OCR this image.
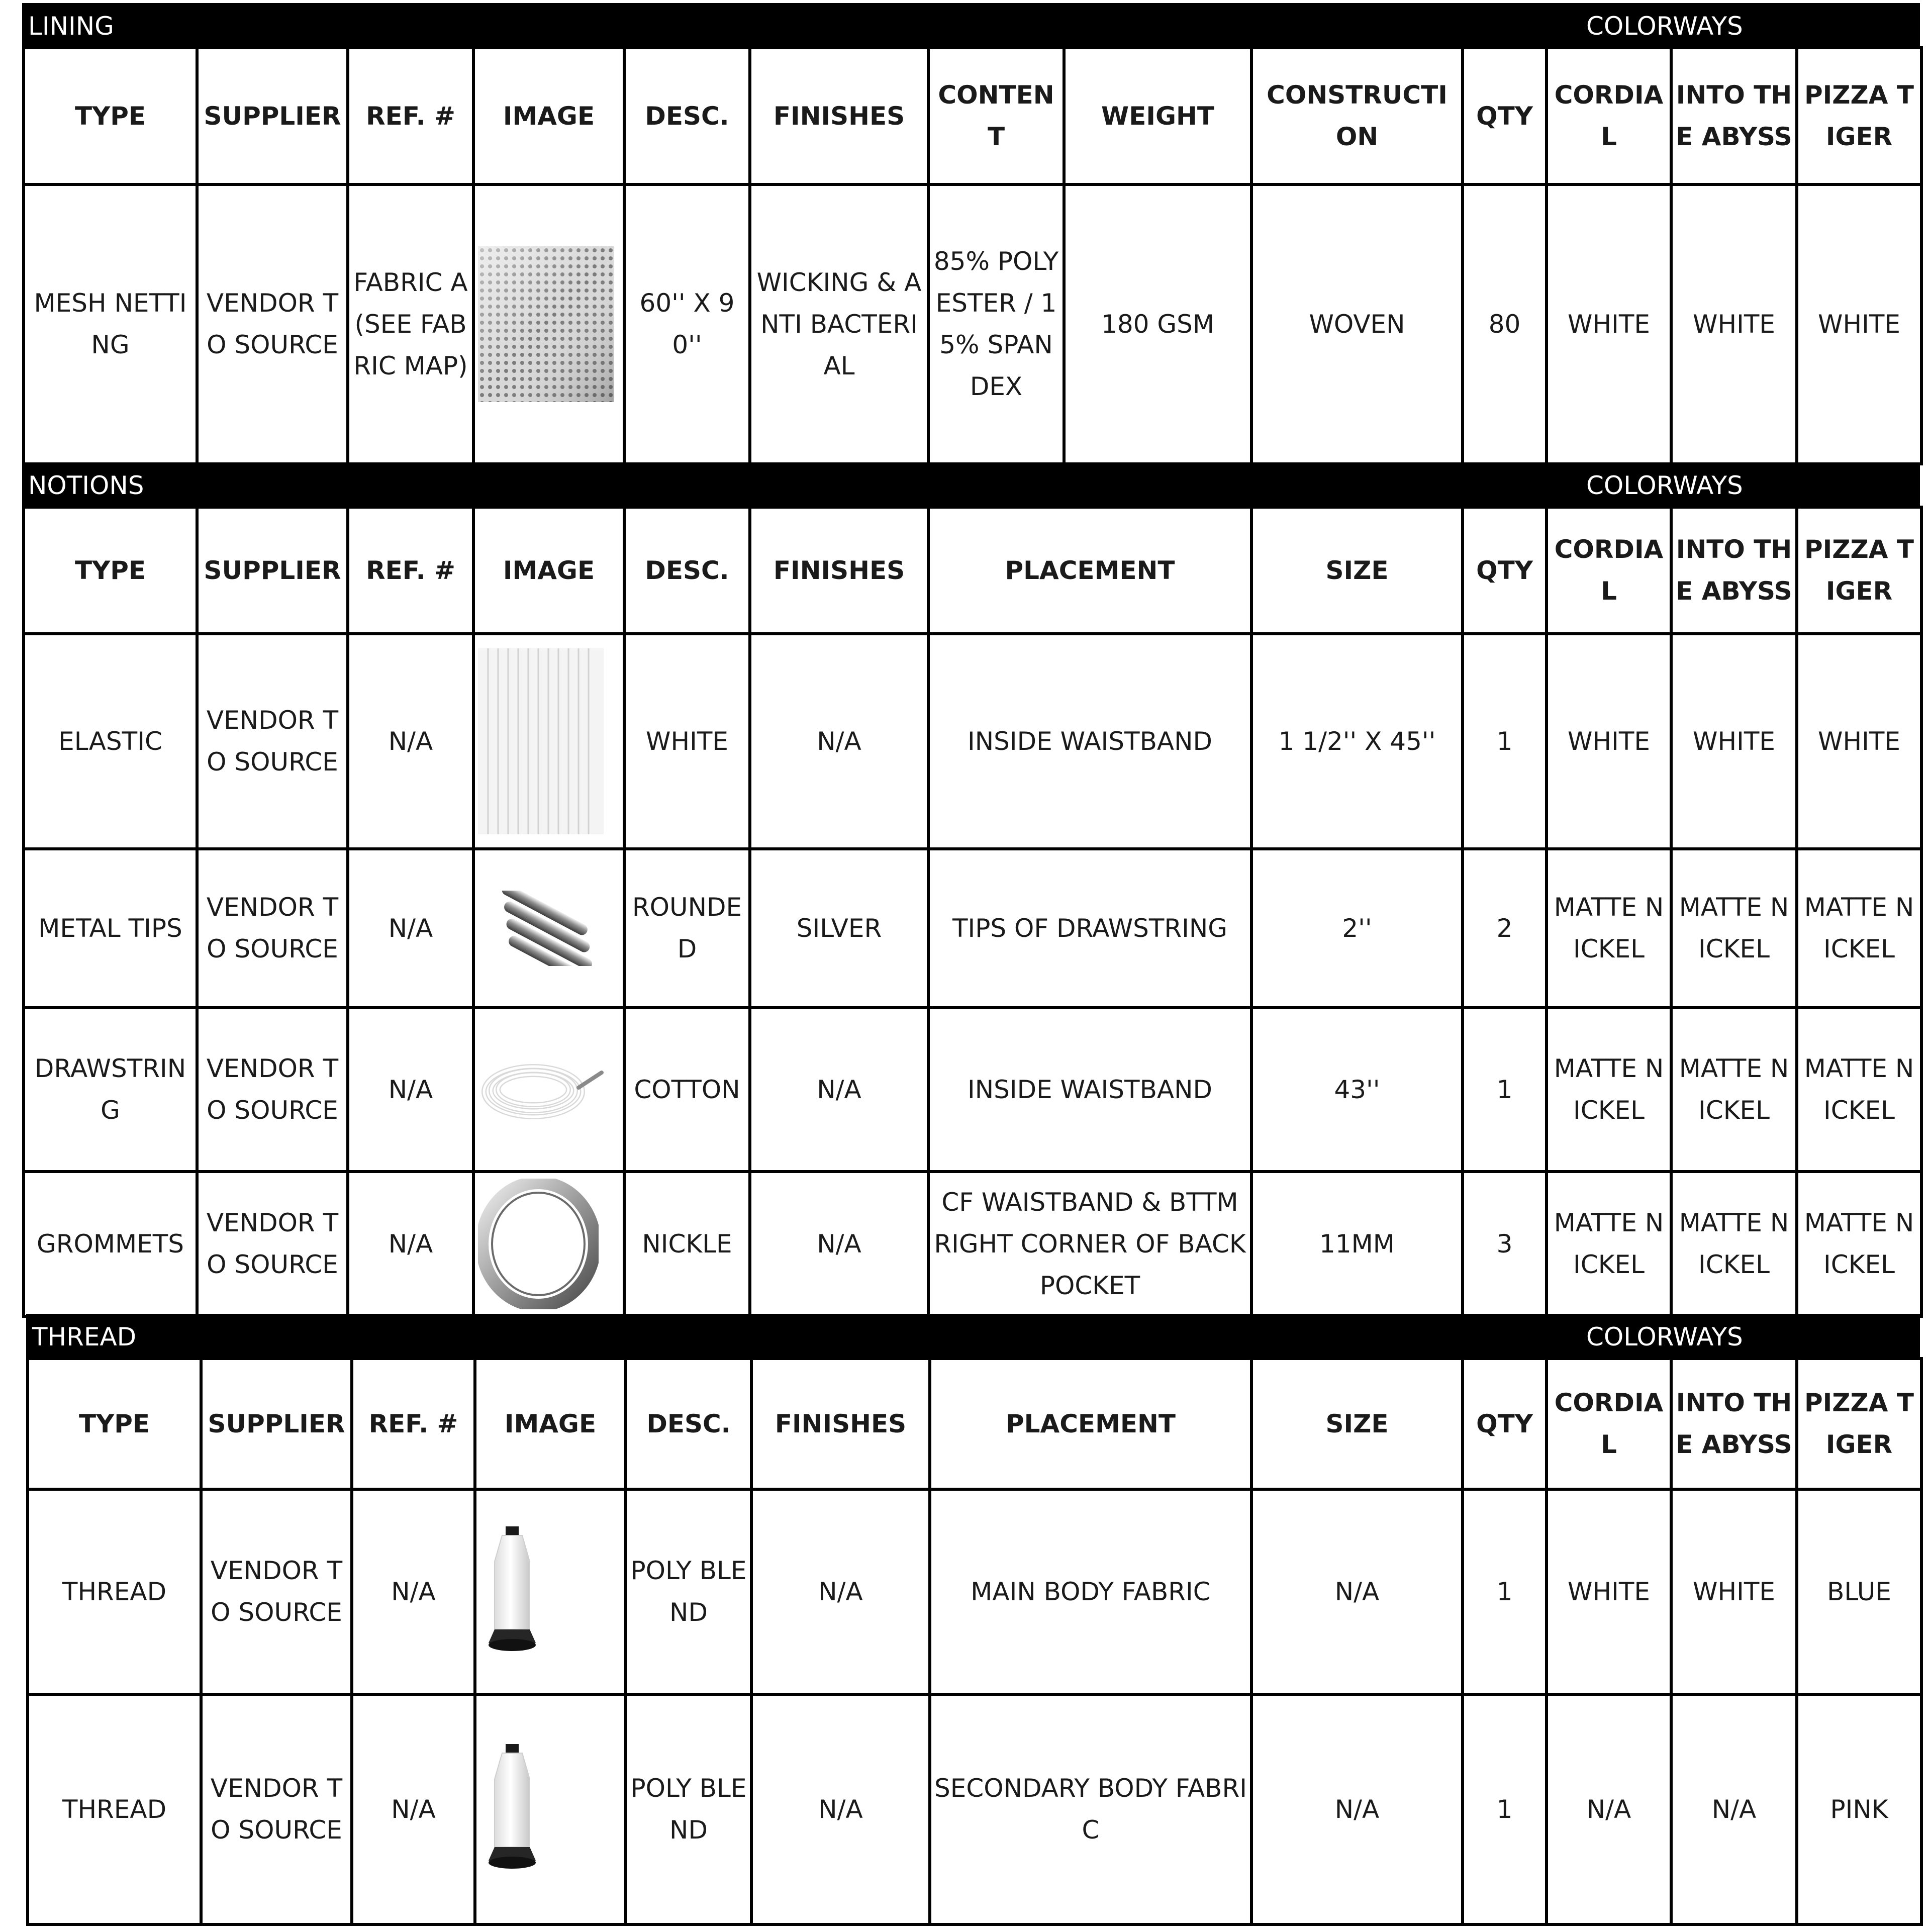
LINING	COLORWAYS
TYPE	SUPPLIER	REF. #	IMAGE	DESC.	FINISHES	CONTENT	WEIGHT	CONSTRUCTION	QTY	CORDIAL	INTO THE ABYSS	PIZZA TIGER
MESH NETTING	VENDOR TO SOURCE	FABRIC A (SEE FABRIC MAP)		60'' X 90''	WICKING & ANTI BACTERIAL	85% POLYESTER / 15% SPANDEX	180 GSM	WOVEN	80	WHITE	WHITE	WHITE
NOTIONS	COLORWAYS
TYPE	SUPPLIER	REF. #	IMAGE	DESC.	FINISHES	PLACEMENT	SIZE	QTY	CORDIAL	INTO THE ABYSS	PIZZA TIGER
ELASTIC	VENDOR TO SOURCE	N/A		WHITE	N/A	INSIDE WAISTBAND	1 1/2'' X 45''	1	WHITE	WHITE	WHITE
METAL TIPS	VENDOR TO SOURCE	N/A		ROUNDED	SILVER	TIPS OF DRAWSTRING	2''	2	MATTE NICKEL	MATTE NICKEL	MATTE NICKEL
DRAWSTRING	VENDOR TO SOURCE	N/A		COTTON	N/A	INSIDE WAISTBAND	43''	1	MATTE NICKEL	MATTE NICKEL	MATTE NICKEL
GROMMETS	VENDOR TO SOURCE	N/A		NICKLE	N/A	CF WAISTBAND & BTTM RIGHT CORNER OF BACK POCKET	11MM	3	MATTE NICKEL	MATTE NICKEL	MATTE NICKEL
THREAD	COLORWAYS
TYPE	SUPPLIER	REF. #	IMAGE	DESC.	FINISHES	PLACEMENT	SIZE	QTY	CORDIAL	INTO THE ABYSS	PIZZA TIGER
THREAD	VENDOR TO SOURCE	N/A		POLY BLEND	N/A	MAIN BODY FABRIC	N/A	1	WHITE	WHITE	BLUE
THREAD	VENDOR TO SOURCE	N/A		POLY BLEND	N/A	SECONDARY BODY FABRIC	N/A	1	N/A	N/A	PINK
